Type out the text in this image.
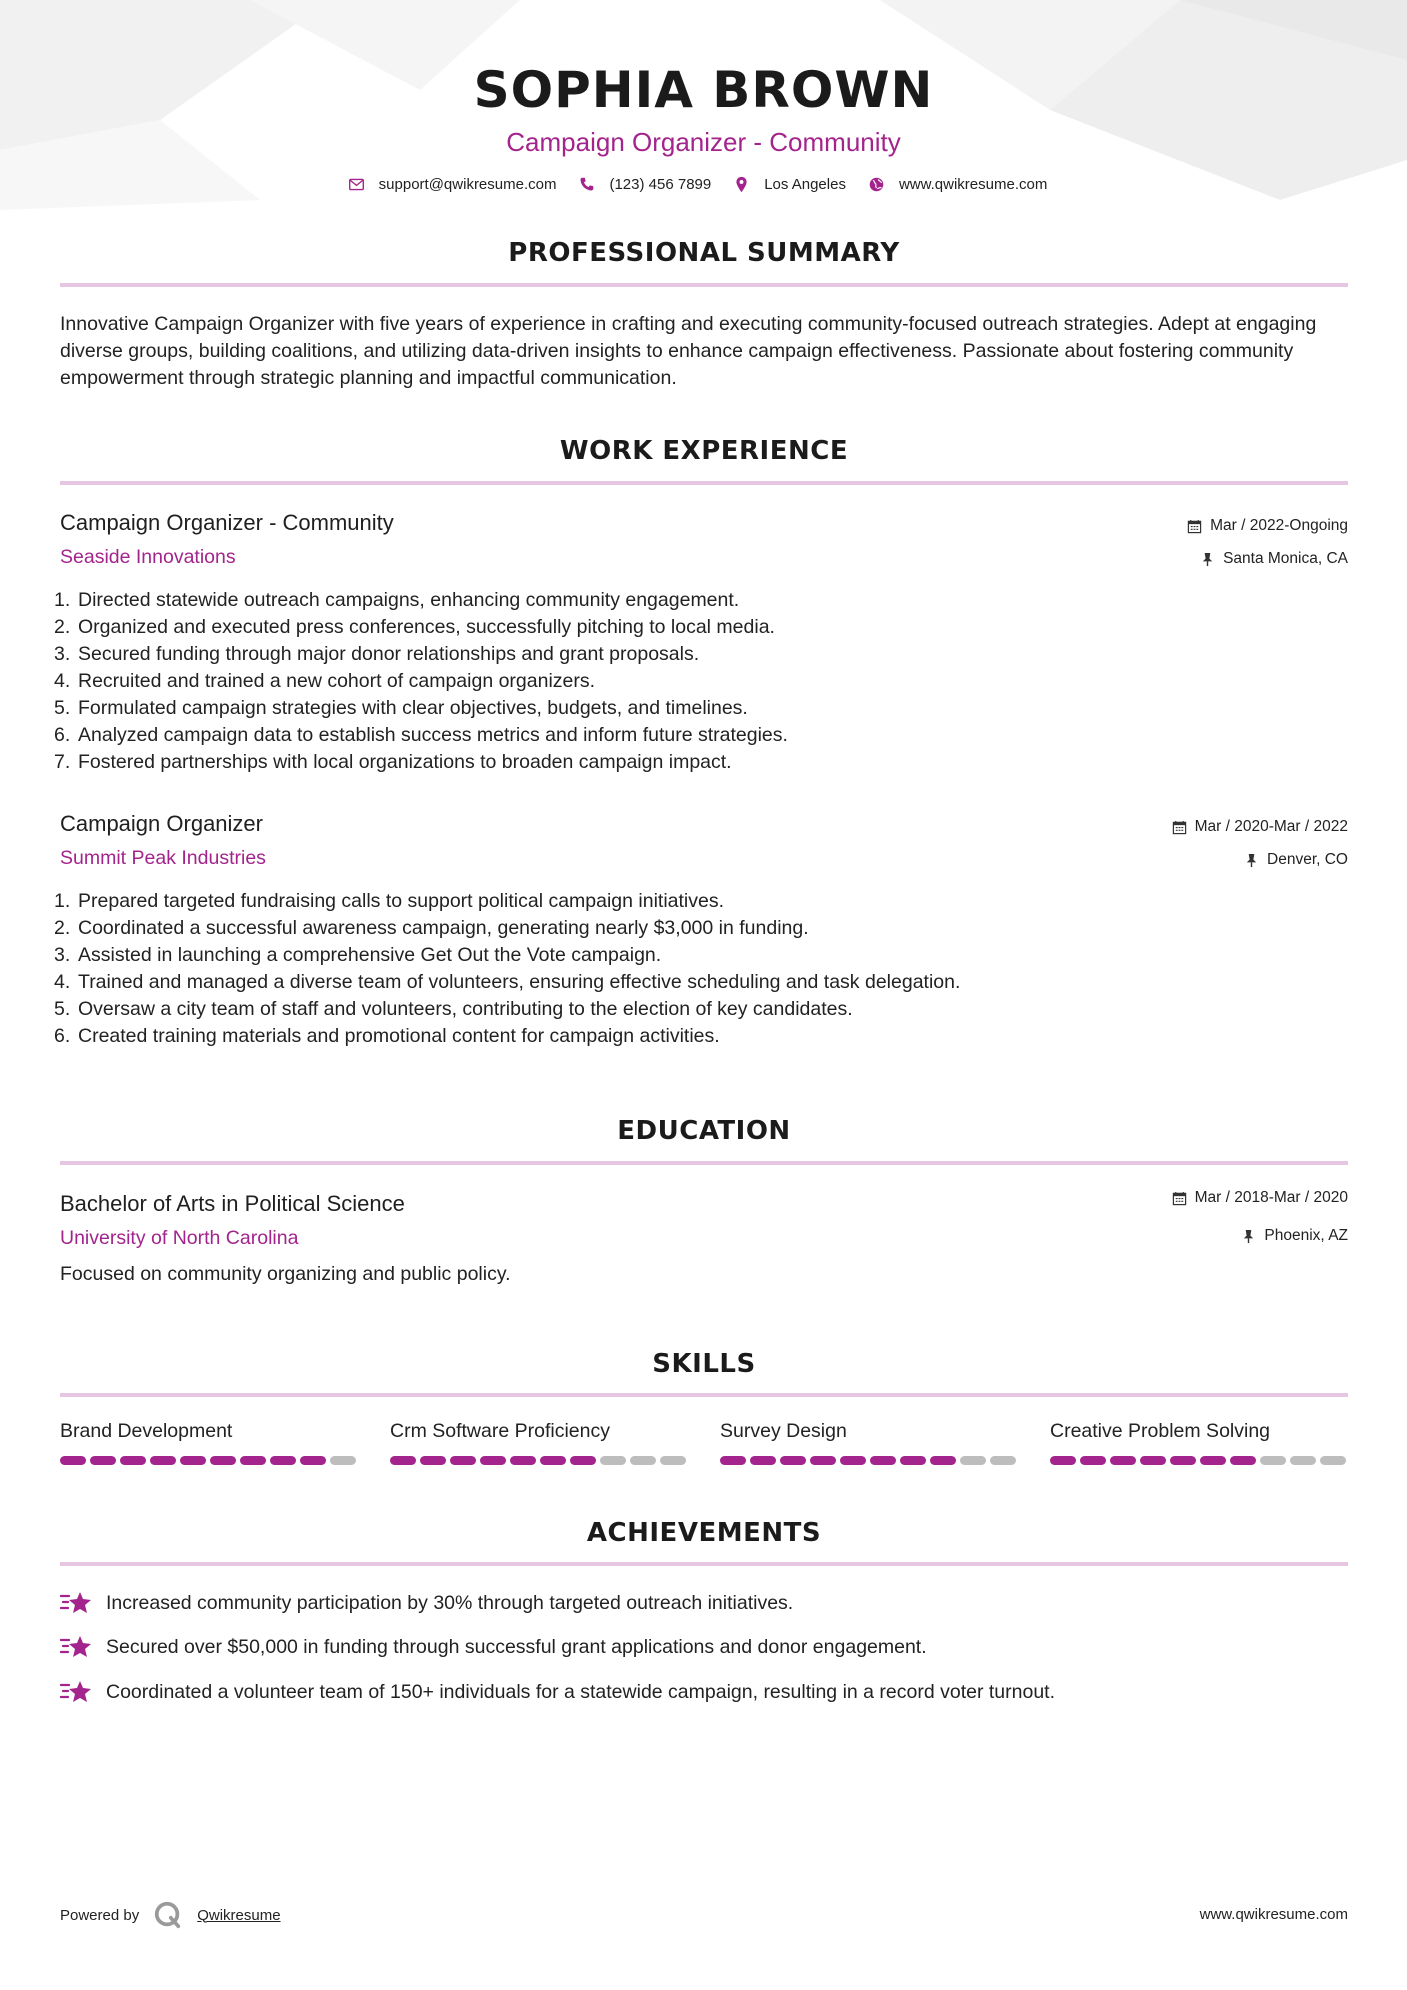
SOPHIA BROWN
Campaign Organizer - Community
support@qwikresume.com	(123) 456 7899	Los Angeles	www.qwikresume.com
PROFESSIONAL SUMMARY
Innovative Campaign Organizer with five years of experience in crafting and executing community-focused outreach strategies. Adept at engaging diverse groups, building coalitions, and utilizing data-driven insights to enhance campaign effectiveness. Passionate about fostering community empowerment through strategic planning and impactful communication.
WORK EXPERIENCE
Campaign Organizer - Community
Seaside Innovations
Mar / 2022-Ongoing
Santa Monica, CA
1. Directed statewide outreach campaigns, enhancing community engagement.
2. Organized and executed press conferences, successfully pitching to local media.
3. Secured funding through major donor relationships and grant proposals.
4. Recruited and trained a new cohort of campaign organizers.
5. Formulated campaign strategies with clear objectives, budgets, and timelines.
6. Analyzed campaign data to establish success metrics and inform future strategies.
7. Fostered partnerships with local organizations to broaden campaign impact.
Campaign Organizer
Summit Peak Industries
Mar / 2020-Mar / 2022
Denver, CO
1. Prepared targeted fundraising calls to support political campaign initiatives.
2. Coordinated a successful awareness campaign, generating nearly $3,000 in funding.
3. Assisted in launching a comprehensive Get Out the Vote campaign.
4. Trained and managed a diverse team of volunteers, ensuring effective scheduling and task delegation.
5. Oversaw a city team of staff and volunteers, contributing to the election of key candidates.
6. Created training materials and promotional content for campaign activities.
EDUCATION
Bachelor of Arts in Political Science
University of North Carolina
Mar / 2018-Mar / 2020
Phoenix, AZ
Focused on community organizing and public policy.
SKILLS
Brand Development	Crm Software Proficiency	Survey Design	Creative Problem Solving
ACHIEVEMENTS
Increased community participation by 30% through targeted outreach initiatives.
Secured over $50,000 in funding through successful grant applications and donor engagement.
Coordinated a volunteer team of 150+ individuals for a statewide campaign, resulting in a record voter turnout.
Powered by	Qwikresume	www.qwikresume.com
